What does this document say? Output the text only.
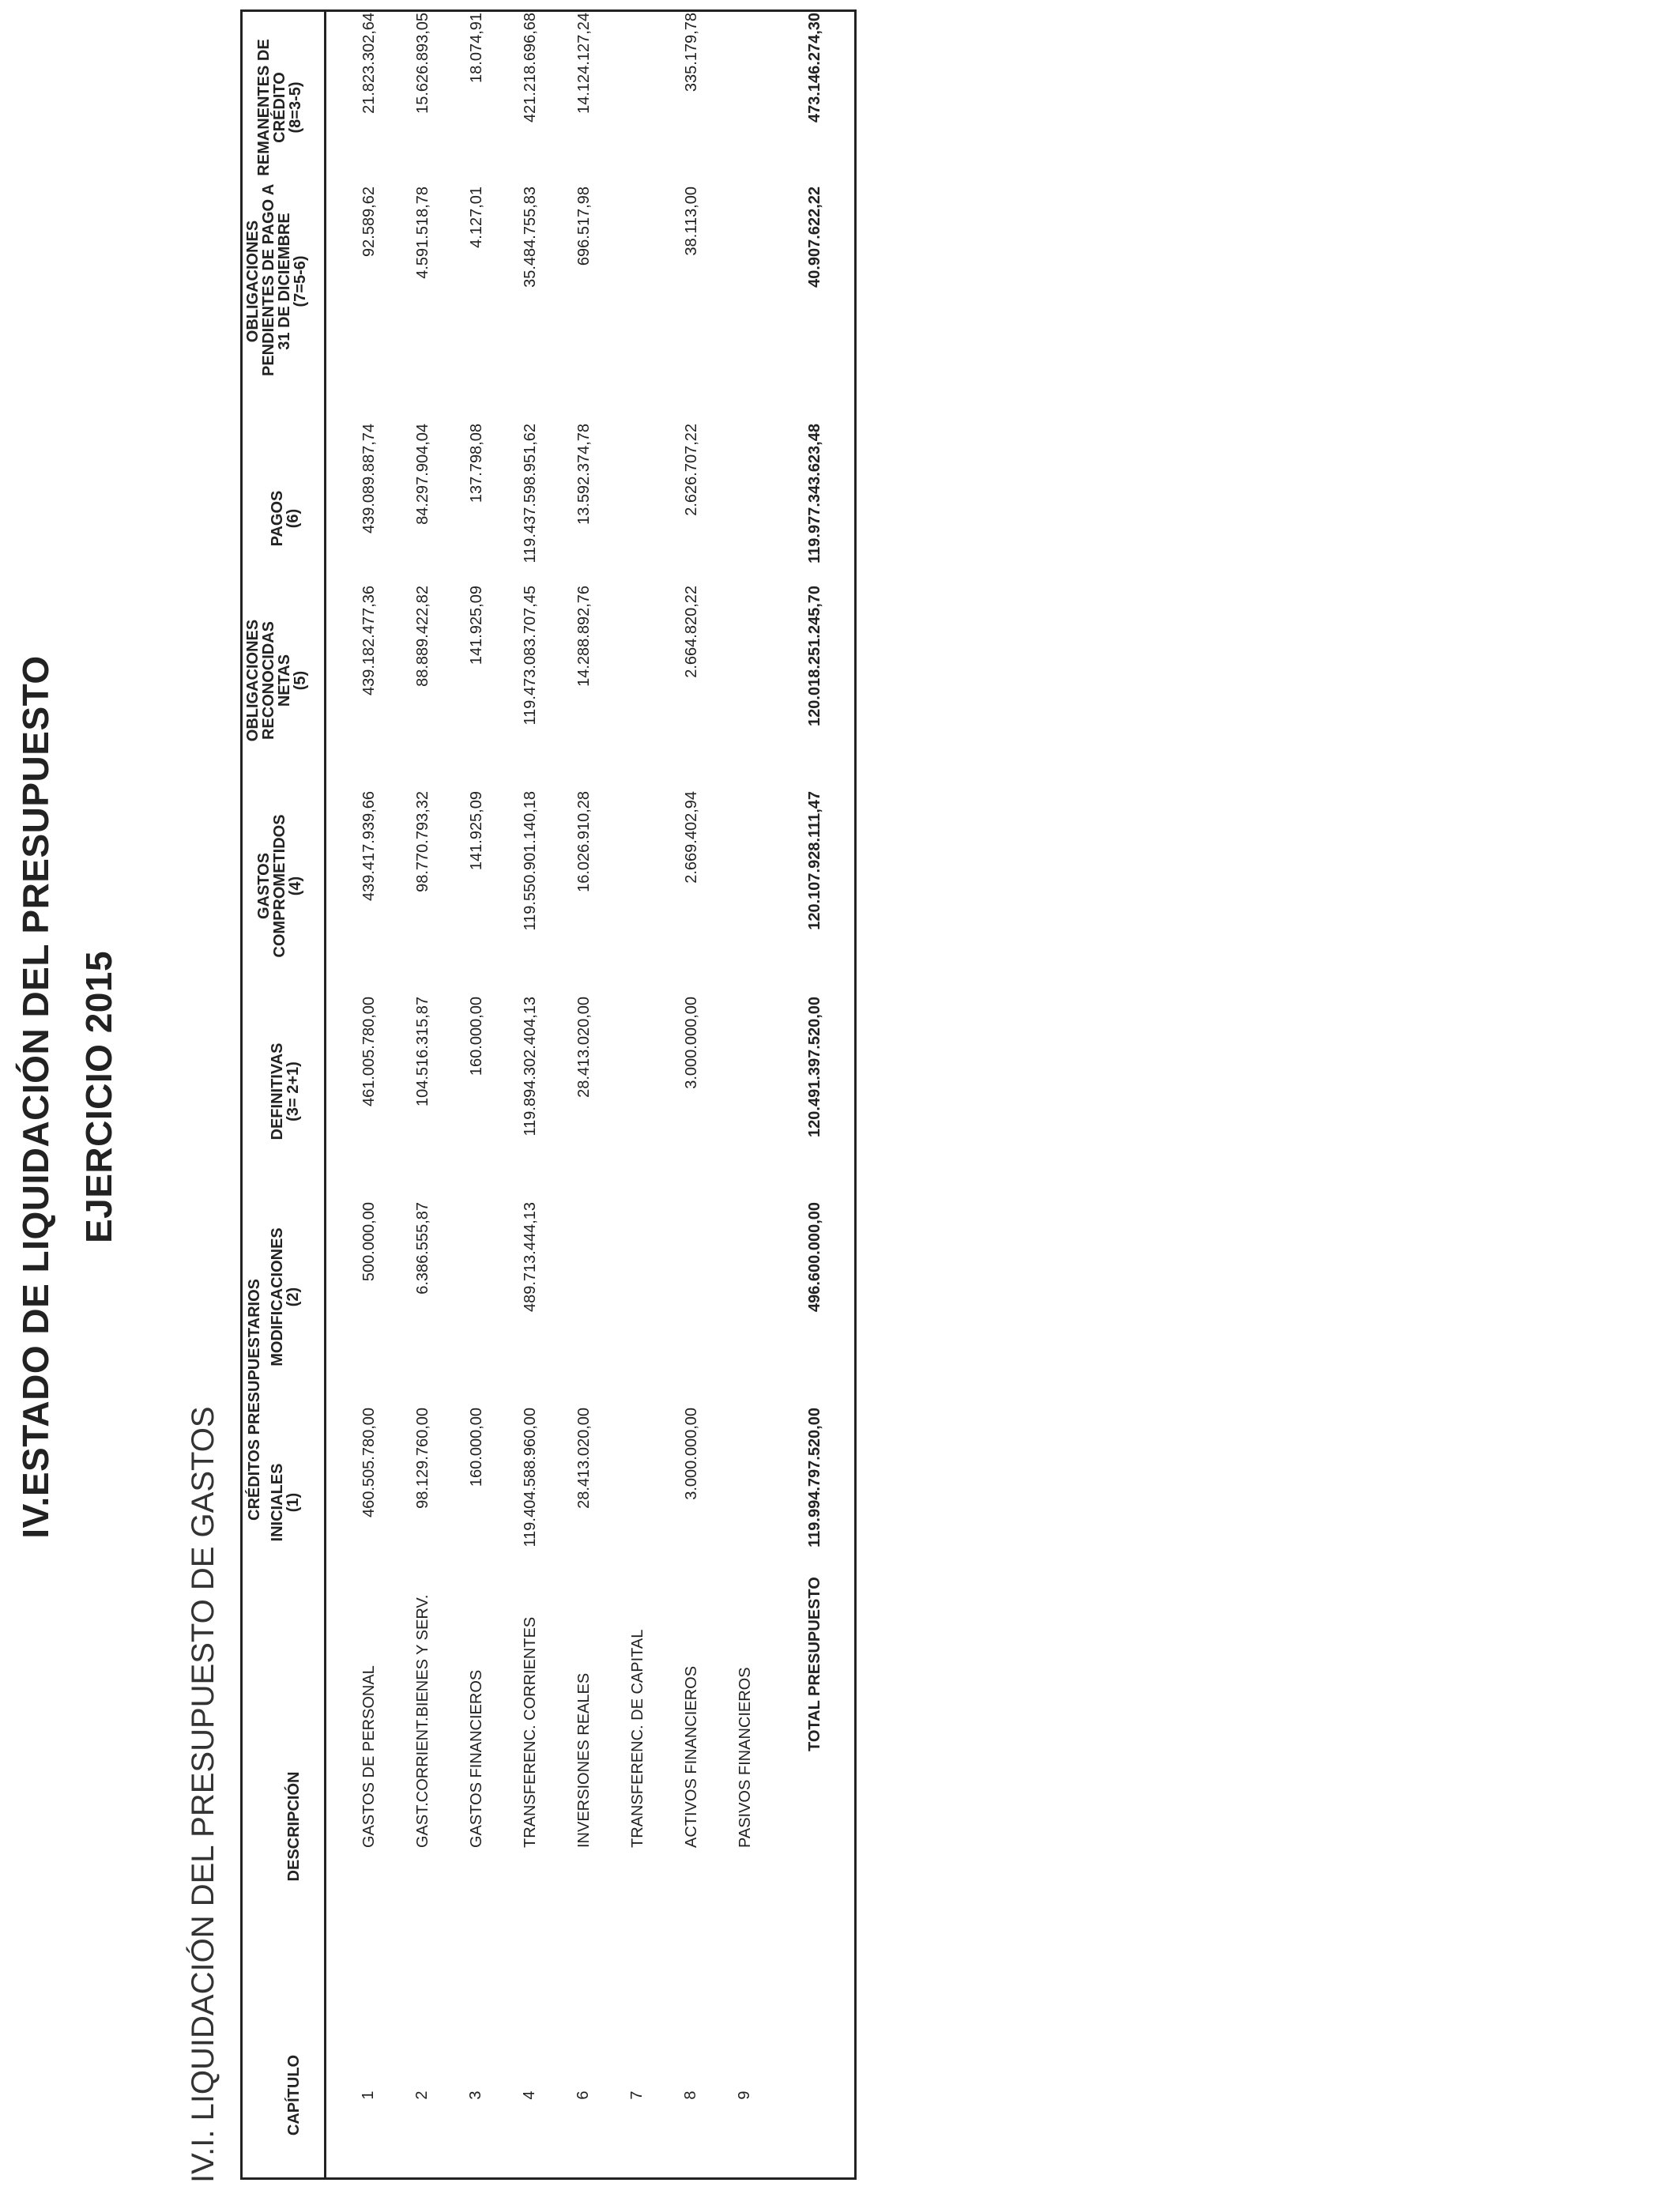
IV.ESTADO DE LIQUIDACIÓN DEL PRESUPUESTO EJERCICIO 2015
IV.I. LIQUIDACIÓN DEL PRESUPUESTO DE GASTOS	CAPÍTULO
DESCRIPCIÓN
CRÉDITOS PRESUPUESTARIOS INICIALES
(1)
MODIFICACIONES
(2)
DEFINITIVAS
(3= 2+1)
GASTOS
COMPROMETIDOS
(4)
OBLIGACIONES
RECONOCIDAS
NETAS
(5)
PAGOS
(6)
OBLIGACIONES
PENDIENTES DE PAGO A
31 DE DICIEMBRE
(7=5-6)
REMANENTES DE
CRÉDITO
(8=3-5)
1
GASTOS DE PERSONAL
460.505.780,00
500.000,00
461.005.780,00
439.417.939,66
439.182.477,36
439.089.887,74
92.589,62
21.823.302,64
2
GAST.CORRIENT.BIENES Y SERV.
98.129.760,00
6.386.555,87
104.516.315,87
98.770.793,32
88.889.422,82
84.297.904,04
4.591.518,78
15.626.893,05
3
GASTOS FINANCIEROS
160.000,00
160.000,00
141.925,09
141.925,09
137.798,08
4.127,01
18.074,91
4
TRANSFERENC. CORRIENTES
119.404.588.960,00
489.713.444,13
119.894.302.404,13
119.550.901.140,18
119.473.083.707,45
119.437.598.951,62
35.484.755,83
421.218.696,68
6
INVERSIONES REALES
28.413.020,00
28.413.020,00
16.026.910,28
14.288.892,76
13.592.374,78
696.517,98
14.124.127,24
7
TRANSFERENC. DE CAPITAL
8
ACTIVOS FINANCIEROS
3.000.000,00
3.000.000,00
2.669.402,94
2.664.820,22
2.626.707,22
38.113,00
335.179,78
9
PASIVOS FINANCIEROS
TOTAL PRESUPUESTO
119.994.797.520,00
496.600.000,00
120.491.397.520,00
120.107.928.111,47
120.018.251.245,70
119.977.343.623,48
40.907.622,22
473.146.274,30
